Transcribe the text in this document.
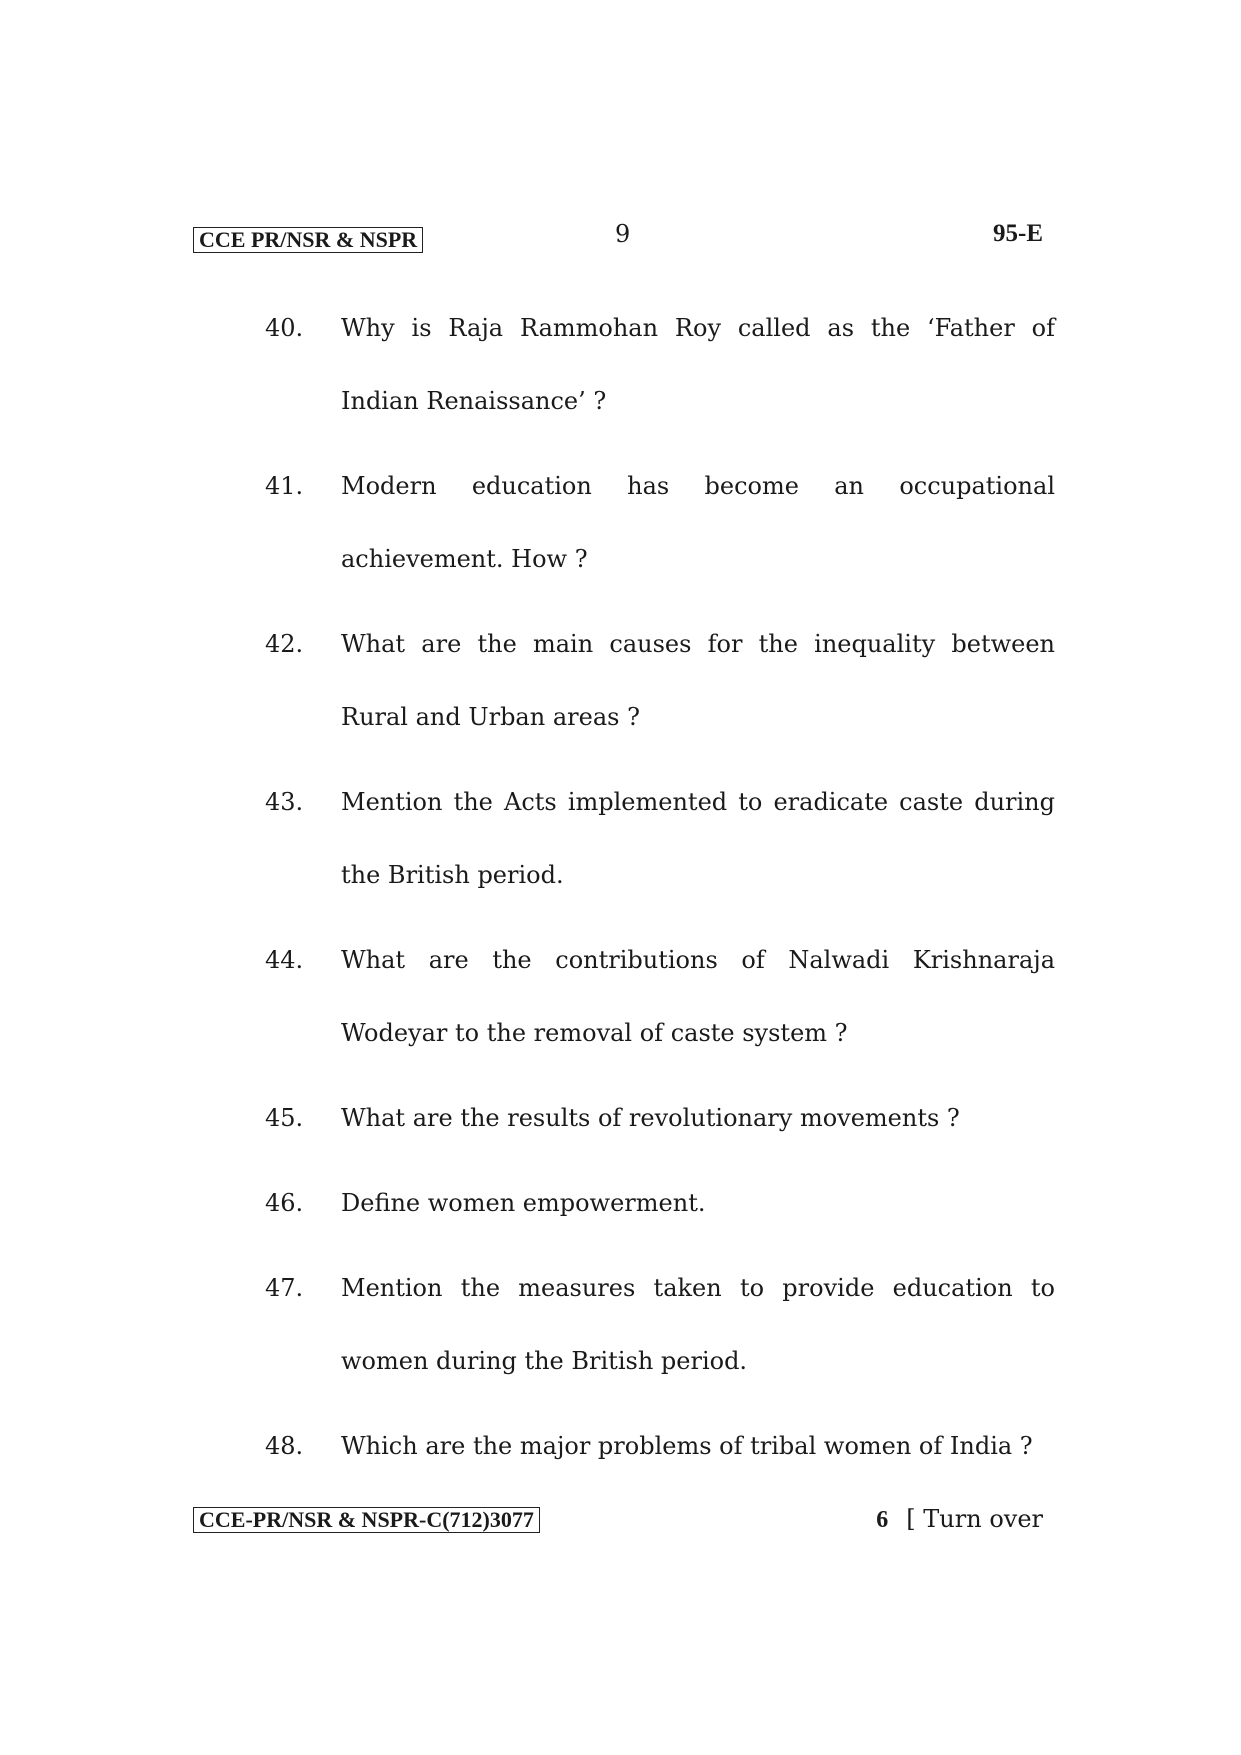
CCE PR/NSR & NSPR	9	95-E
40. Why is Raja Rammohan Roy called as the ‘Father of Indian Renaissance’ ?
41. Modern education has become an occupational achievement. How ?
42. What are the main causes for the inequality between Rural and Urban areas ?
43. Mention the Acts implemented to eradicate caste during the British period.
44. What are the contributions of Nalwadi Krishnaraja Wodeyar to the removal of caste system ?
45. What are the results of revolutionary movements ?
46. Define women empowerment.
47. Mention the measures taken to provide education to women during the British period.
48. Which are the major problems of tribal women of India ?
CCE-PR/NSR & NSPR-C(712)3077	6 [ Turn over
